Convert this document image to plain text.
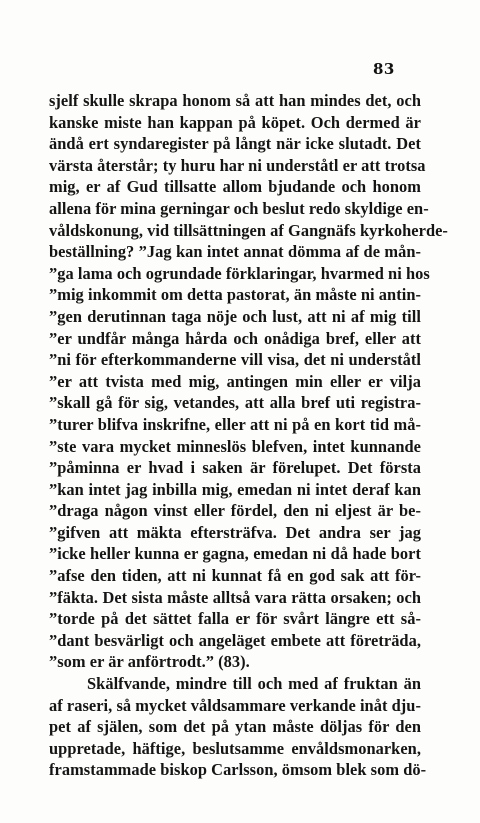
83
sjelf skulle skrapa honom så att han mindes det, och
kanske miste han kappan på köpet. Och dermed är
ändå ert syndaregister på långt när icke slutadt. Det
värsta återstår; ty huru har ni underståtl er att trotsa
mig, er af Gud tillsatte allom bjudande och honom
allena för mina gerningar och beslut redo skyldige en-
våldskonung, vid tillsättningen af Gangnäfs kyrkoherde-
beställning? ”Jag kan intet annat dömma af de mån-
”ga lama och ogrundade förklaringar, hvarmed ni hos
”mig inkommit om detta pastorat, än måste ni antin-
”gen derutinnan taga nöje och lust, att ni af mig till
”er undfår många hårda och onådiga bref, eller att
”ni för efterkommanderne vill visa, det ni underståtl
”er att tvista med mig, antingen min eller er vilja
”skall gå för sig, vetandes, att alla bref uti registra-
”turer blifva inskrifne, eller att ni på en kort tid må-
”ste vara mycket minneslös blefven, intet kunnande
”påminna er hvad i saken är förelupet. Det första
”kan intet jag inbilla mig, emedan ni intet deraf kan
”draga någon vinst eller fördel, den ni eljest är be-
”gifven att mäkta eftersträfva. Det andra ser jag
”icke heller kunna er gagna, emedan ni då hade bort
”afse den tiden, att ni kunnat få en god sak att för-
”fäkta. Det sista måste alltså vara rätta orsaken; och
”torde på det sättet falla er för svårt längre ett så-
”dant besvärligt och angeläget embete att företräda,
”som er är anförtrodt.” (83).
Skälfvande, mindre till och med af fruktan än
af raseri, så mycket våldsammare verkande inåt dju-
pet af själen, som det på ytan måste döljas för den
uppretade, häftige, beslutsamme envåldsmonarken,
framstammade biskop Carlsson, ömsom blek som dö-
